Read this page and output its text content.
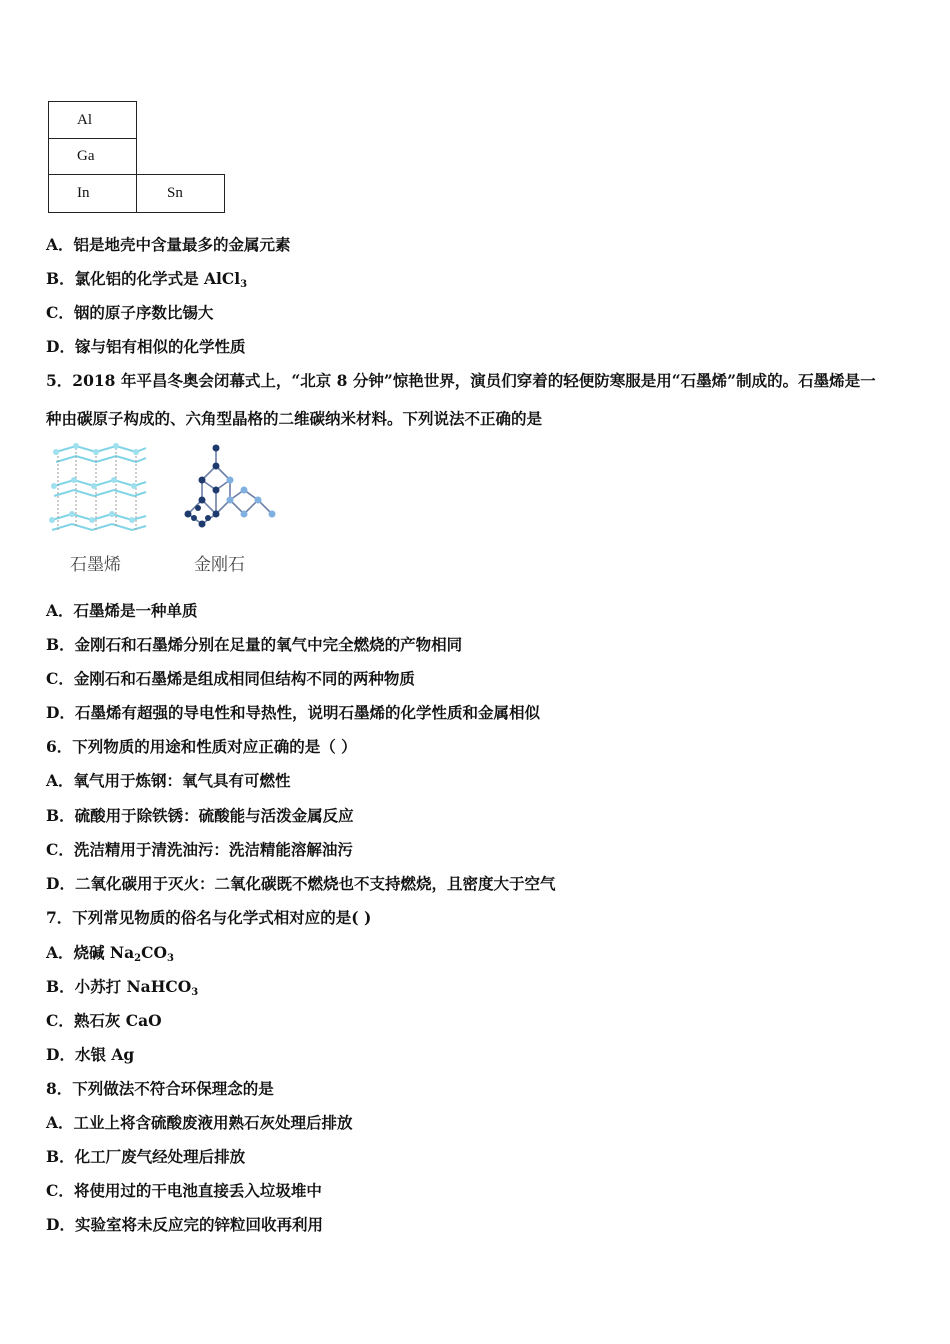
Al	
Ga	
In	Sn
A．铝是地壳中含量最多的金属元素
B．氯化铝的化学式是 AlCl$_3$
C．铟的原子序数比锡大
D．镓与铝有相似的化学性质
5．2018 年平昌冬奥会闭幕式上，“北京 8 分钟”惊艳世界，演员们穿着的轻便防寒服是用“石墨烯”制成的。石墨烯是一
种由碳原子构成的、六角型晶格的二维碳纳米材料。下列说法不正确的是
石墨烯	金刚石
A．石墨烯是一种单质
B．金刚石和石墨烯分别在足量的氧气中完全燃烧的产物相同
C．金刚石和石墨烯是组成相同但结构不同的两种物质
D．石墨烯有超强的导电性和导热性，说明石墨烯的化学性质和金属相似
6．下列物质的用途和性质对应正确的是（ ）
A．氧气用于炼钢：氧气具有可燃性
B．硫酸用于除铁锈：硫酸能与活泼金属反应
C．洗洁精用于清洗油污：洗洁精能溶解油污
D．二氧化碳用于灭火：二氧化碳既不燃烧也不支持燃烧，且密度大于空气
7．下列常见物质的俗名与化学式相对应的是( )
A．烧碱 $Na_2CO_3$
B．小苏打 NaHCO$_3$
C．熟石灰 CaO
D．水银 Ag
8．下列做法不符合环保理念的是
A．工业上将含硫酸废液用熟石灰处理后排放
B．化工厂废气经处理后排放
C．将使用过的干电池直接丢入垃圾堆中
D．实验室将未反应完的锌粒回收再利用
